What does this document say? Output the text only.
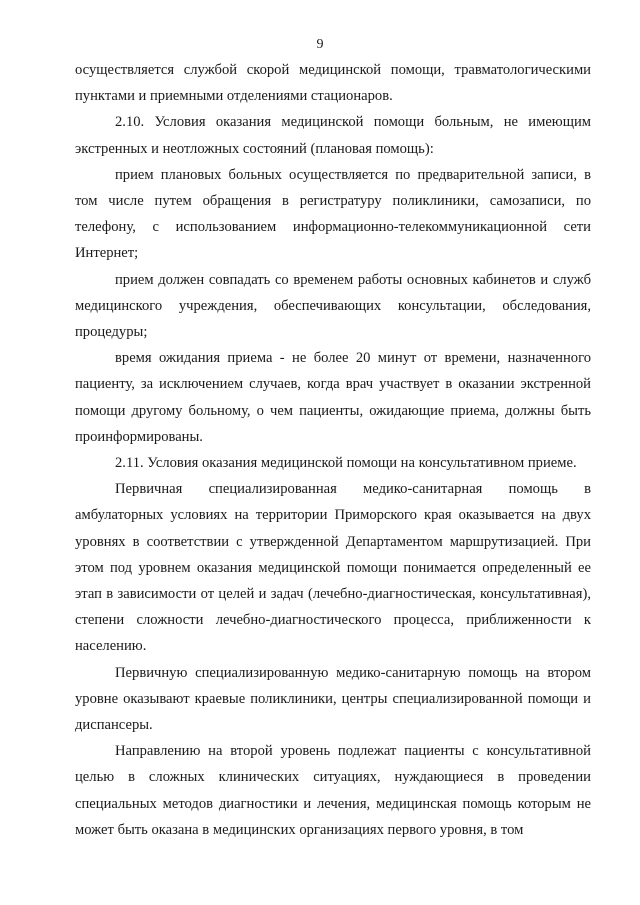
9

осуществляется службой скорой медицинской помощи, травматологическими пунктами и приемными отделениями стационаров.

2.10. Условия оказания медицинской помощи больным, не имеющим экстренных и неотложных состояний (плановая помощь):

прием плановых больных осуществляется по предварительной записи, в том числе путем обращения в регистратуру поликлиники, самозаписи, по телефону, с использованием информационно-телекоммуникационной сети Интернет;

прием должен совпадать со временем работы основных кабинетов и служб медицинского учреждения, обеспечивающих консультации, обследования, процедуры;

время ожидания приема - не более 20 минут от времени, назначенного пациенту, за исключением случаев, когда врач участвует в оказании экстренной помощи другому больному, о чем пациенты, ожидающие приема, должны быть проинформированы.

2.11. Условия оказания медицинской помощи на консультативном приеме.

Первичная специализированная медико-санитарная помощь в амбулаторных условиях на территории Приморского края оказывается на двух уровнях в соответствии с утвержденной Департаментом маршрутизацией. При этом под уровнем оказания медицинской помощи понимается определенный ее этап в зависимости от целей и задач (лечебно-диагностическая, консультативная), степени сложности лечебно-диагностического процесса, приближенности к населению.

Первичную специализированную медико-санитарную помощь на втором уровне оказывают краевые поликлиники, центры специализированной помощи и диспансеры.

Направлению на второй уровень подлежат пациенты с консультативной целью в сложных клинических ситуациях, нуждающиеся в проведении специальных методов диагностики и лечения, медицинская помощь которым не может быть оказана в медицинских организациях первого уровня, в том
